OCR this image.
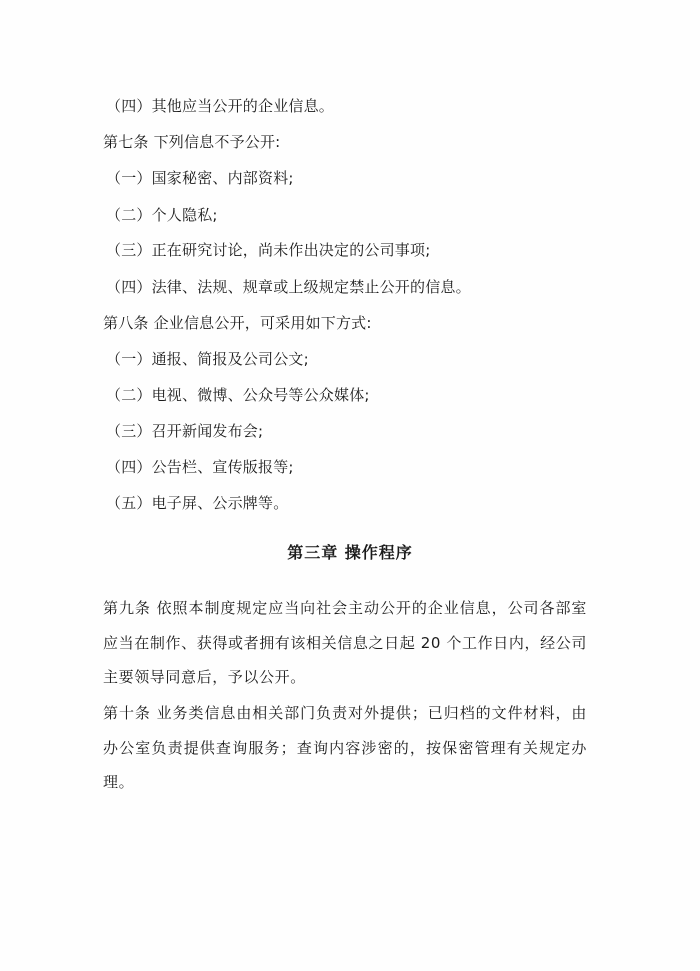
（四）其他应当公开的企业信息。
第七条 下列信息不予公开:
（一）国家秘密、内部资料;
（二）个人隐私;
（三）正在研究讨论，尚未作出决定的公司事项;
（四）法律、法规、规章或上级规定禁止公开的信息。
第八条 企业信息公开，可采用如下方式:
（一）通报、简报及公司公文;
（二）电视、微博、公众号等公众媒体;
（三）召开新闻发布会;
（四）公告栏、宣传版报等;
（五）电子屏、公示牌等。
第三章 操作程序
第九条 依照本制度规定应当向社会主动公开的企业信息，公司各部室应当在制作、获得或者拥有该相关信息之日起 20 个工作日内，经公司主要领导同意后，予以公开。
第十条 业务类信息由相关部门负责对外提供；已归档的文件材料，由办公室负责提供查询服务；查询内容涉密的，按保密管理有关规定办理。
